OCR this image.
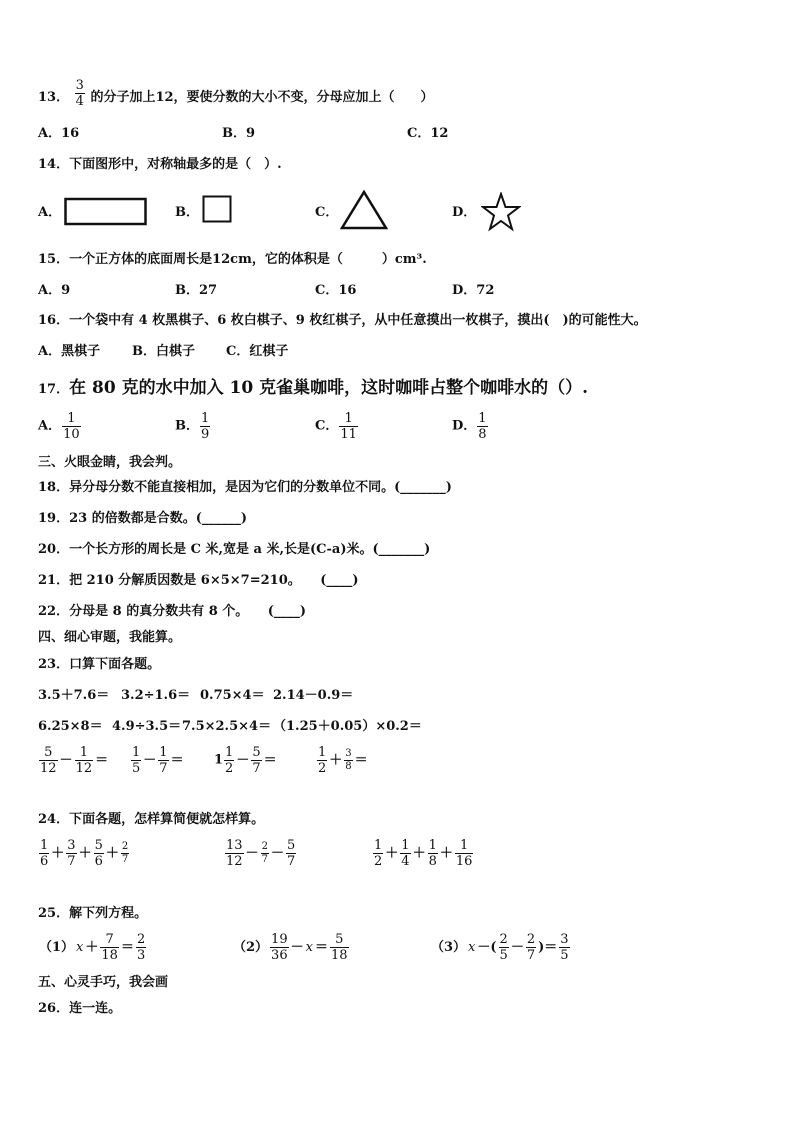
13． $\frac{3}{4}$ 的分子加上12，要使分数的大小不变，分母应加上（　　）
A．16	B．9	C．12
14．下面图形中，对称轴最多的是（　）.
A．	B．	C．	D．
15．一个正方体的底面周长是12cm，它的体积是（　　　）cm³.
A．9	B．27	C．16	D．72
16．一个袋中有 4 枚黑棋子、6 枚白棋子、9 枚红棋子，从中任意摸出一枚棋子，摸出(　)的可能性大。
A．黑棋子 B．白棋子 C．红棋子
17．在 80 克的水中加入 10 克雀巢咖啡，这时咖啡占整个咖啡水的（）.
A． $\frac{1}{10}$	B． $\frac{1}{9}$	C． $\frac{1}{11}$	D． $\frac{1}{8}$
三、火眼金睛，我会判。
18．异分母分数不能直接相加，是因为它们的分数单位不同。(_______)
19．23 的倍数都是合数。(______)
20．一个长方形的周长是 C 米,宽是 a 米,长是(C-a)米。(_______)
21．把 210 分解质因数是 6×5×7=210。　　(____)
22．分母是 8 的真分数共有 8 个。　　(____)
四、细心审题，我能算。
23．口算下面各题。
3.5＋7.6＝ 3.2÷1.6＝ 0.75×4＝ 2.14－0.9＝
6.25×8＝ 4.9÷3.5＝ 7.5×2.5×4＝ （1.25＋0.05）×0.2＝
$\frac{5}{12} - \frac{1}{12} = \frac{1}{5} - \frac{1}{7} = 1 \frac{1}{2} - \frac{5}{7}$ ＝	$\frac{1}{2} + \frac{3}{8}$ ＝
24．下面各题，怎样算简便就怎样算。
$\frac{1}{6} + \frac{3}{7} + \frac{5}{6} + \frac{2}{7}$	$\frac{13}{12} - \frac{2}{7} - \frac{5}{7}$	$\frac{1}{2} + \frac{1}{4} + \frac{1}{8} + \frac{1}{16}$
25．解下列方程。
（1） $x + \frac{7}{18} = \frac{2}{3}$	$(2) \frac{19}{36} - x = \frac{5}{18}$	（3） x －( $\frac{2}{5} - \frac{2}{7}$ )＝ $\frac{3}{5}$
五、心灵手巧，我会画
26．连一连。
